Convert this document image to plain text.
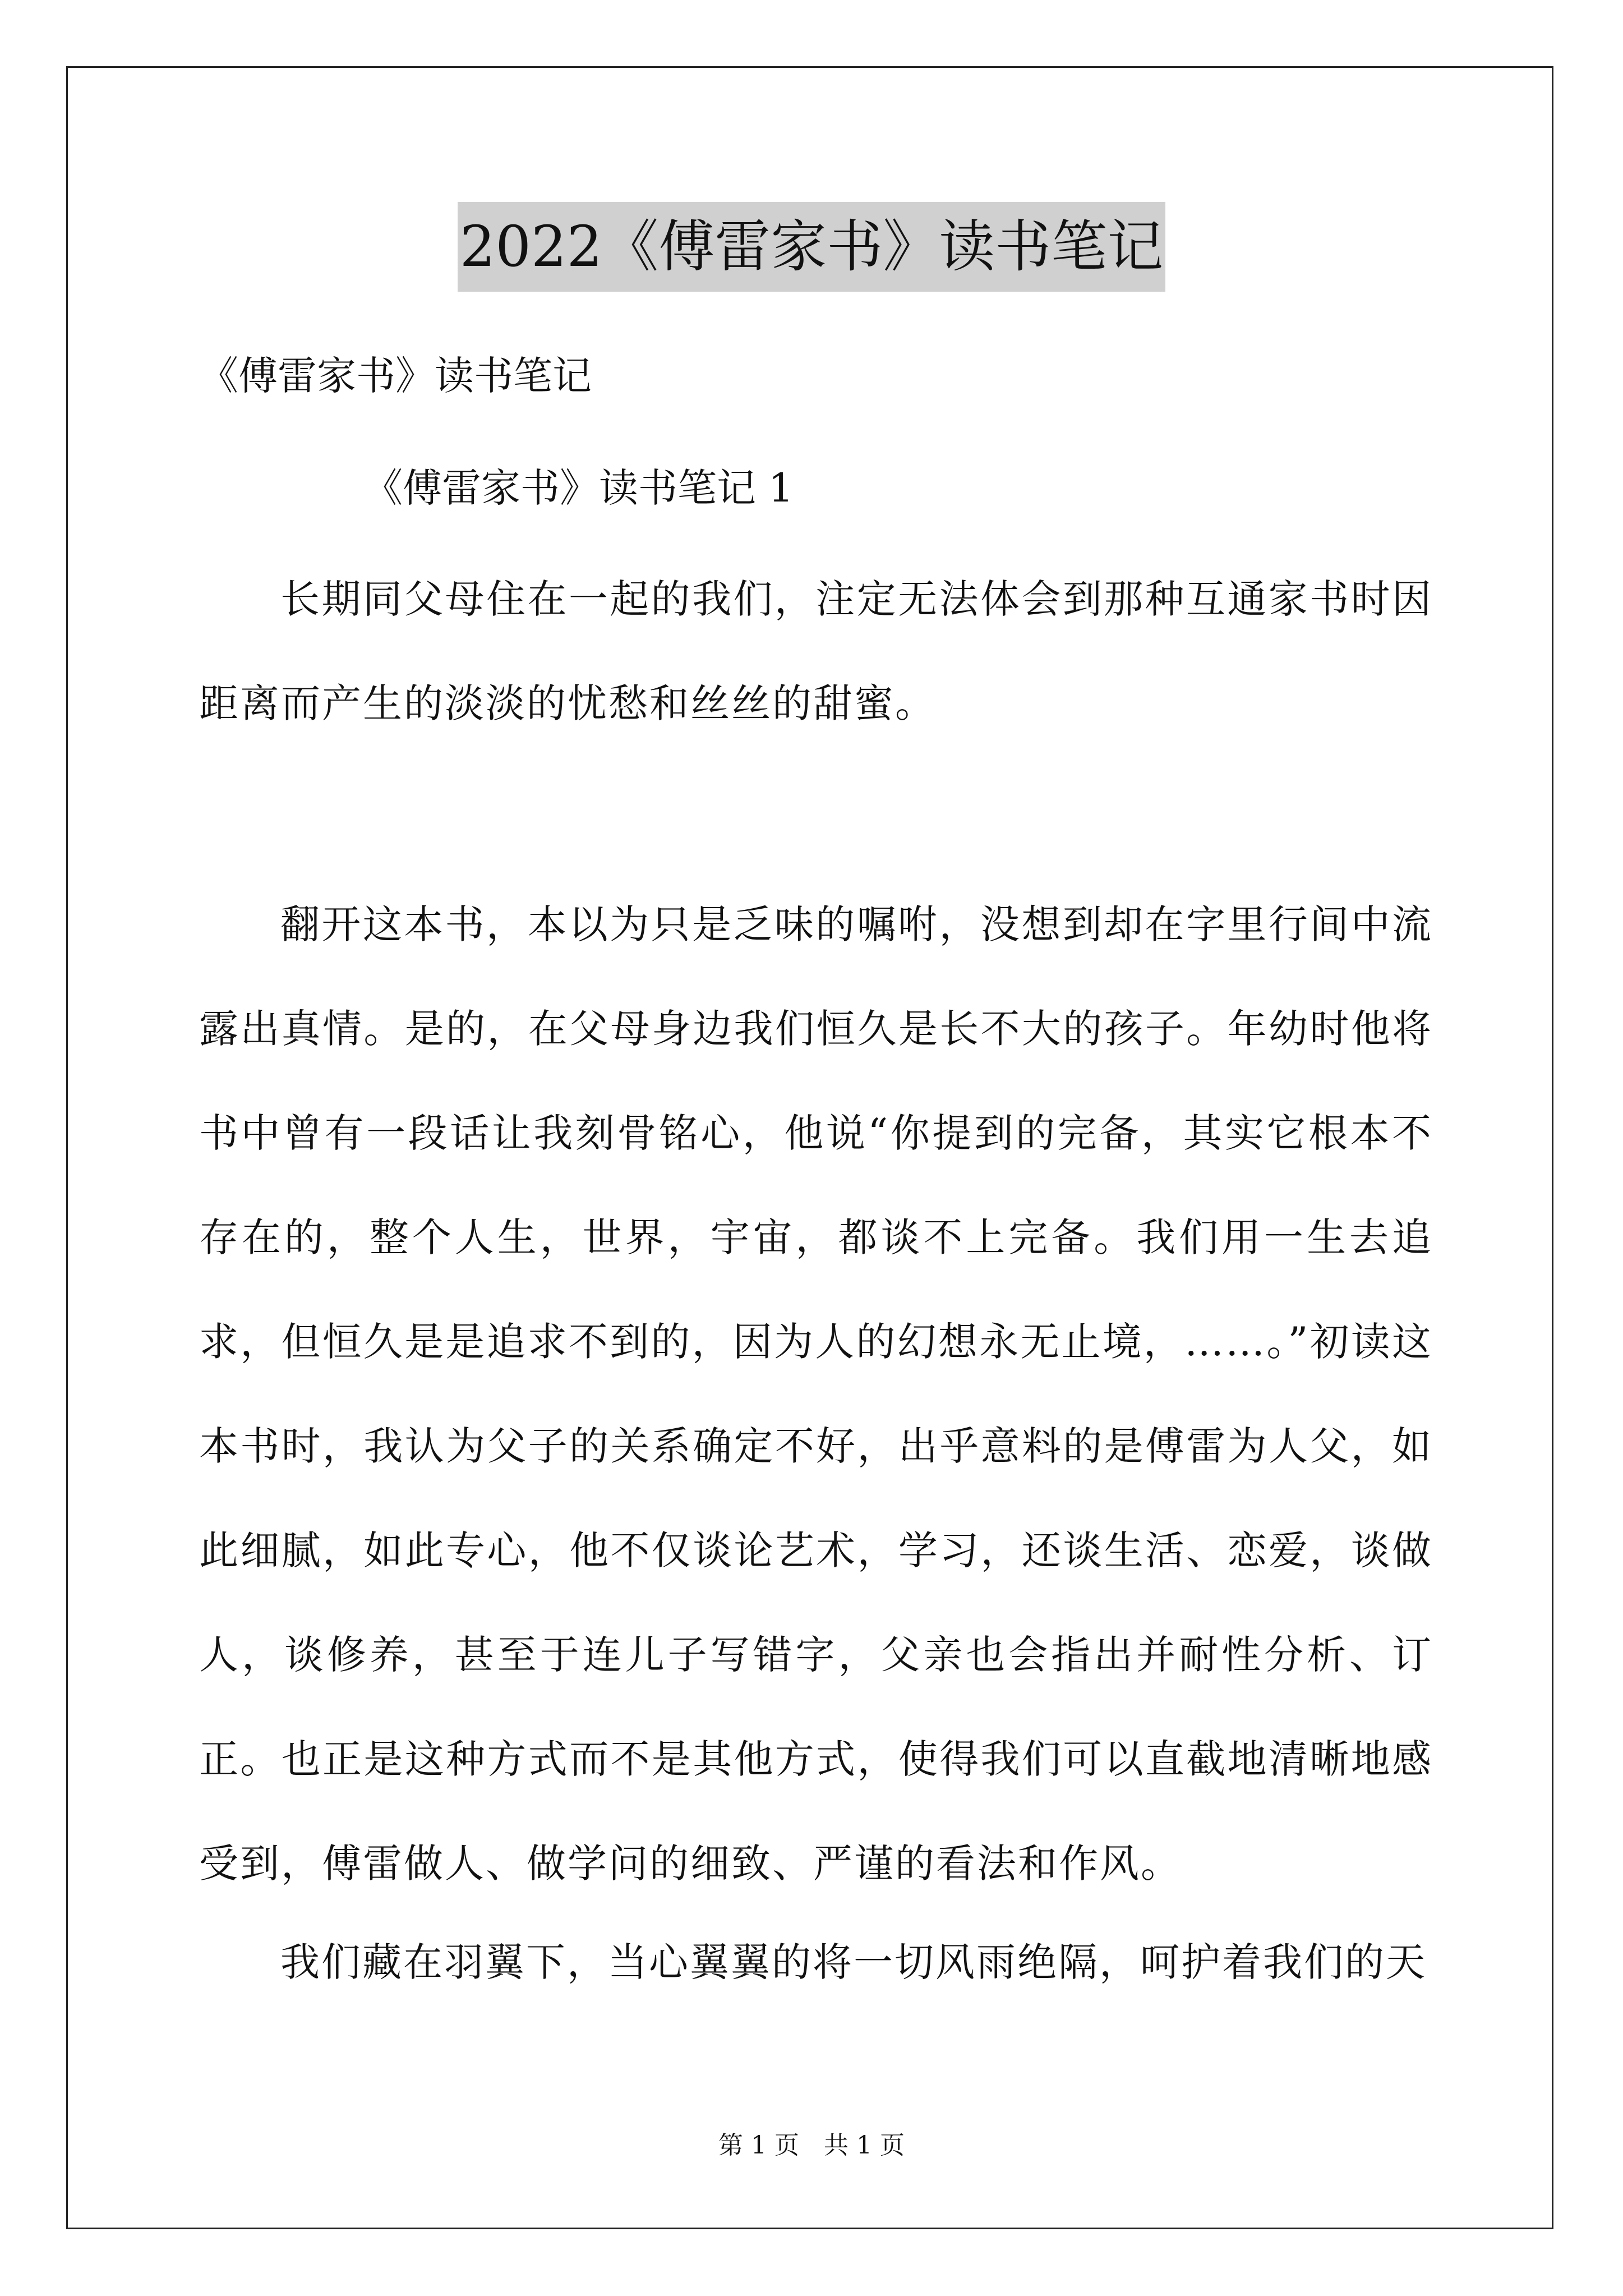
2022《傅雷家书》读书笔记
《傅雷家书》读书笔记
《傅雷家书》读书笔记 1

长期同父母住在一起的我们，注定无法体会到那种互通家书时因距离而产生的淡淡的忧愁和丝丝的甜蜜。

翻开这本书，本以为只是乏味的嘱咐，没想到却在字里行间中流露出真情。是的，在父母身边我们恒久是长不大的孩子。年幼时他将书中曾有一段话让我刻骨铭心，他说“你提到的完备，其实它根本不存在的，整个人生，世界，宇宙，都谈不上完备。我们用一生去追求，但恒久是是追求不到的，因为人的幻想永无止境，……。”初读这本书时，我认为父子的关系确定不好，出乎意料的是傅雷为人父，如此细腻，如此专心，他不仅谈论艺术，学习，还谈生活、恋爱，谈做人，谈修养，甚至于连儿子写错字，父亲也会指出并耐性分析、订正。也正是这种方式而不是其他方式，使得我们可以直截地清晰地感受到，傅雷做人、做学问的细致、严谨的看法和作风。

我们藏在羽翼下，当心翼翼的将一切风雨绝隔，呵护着我们的天

第 1 页　共 1 页
